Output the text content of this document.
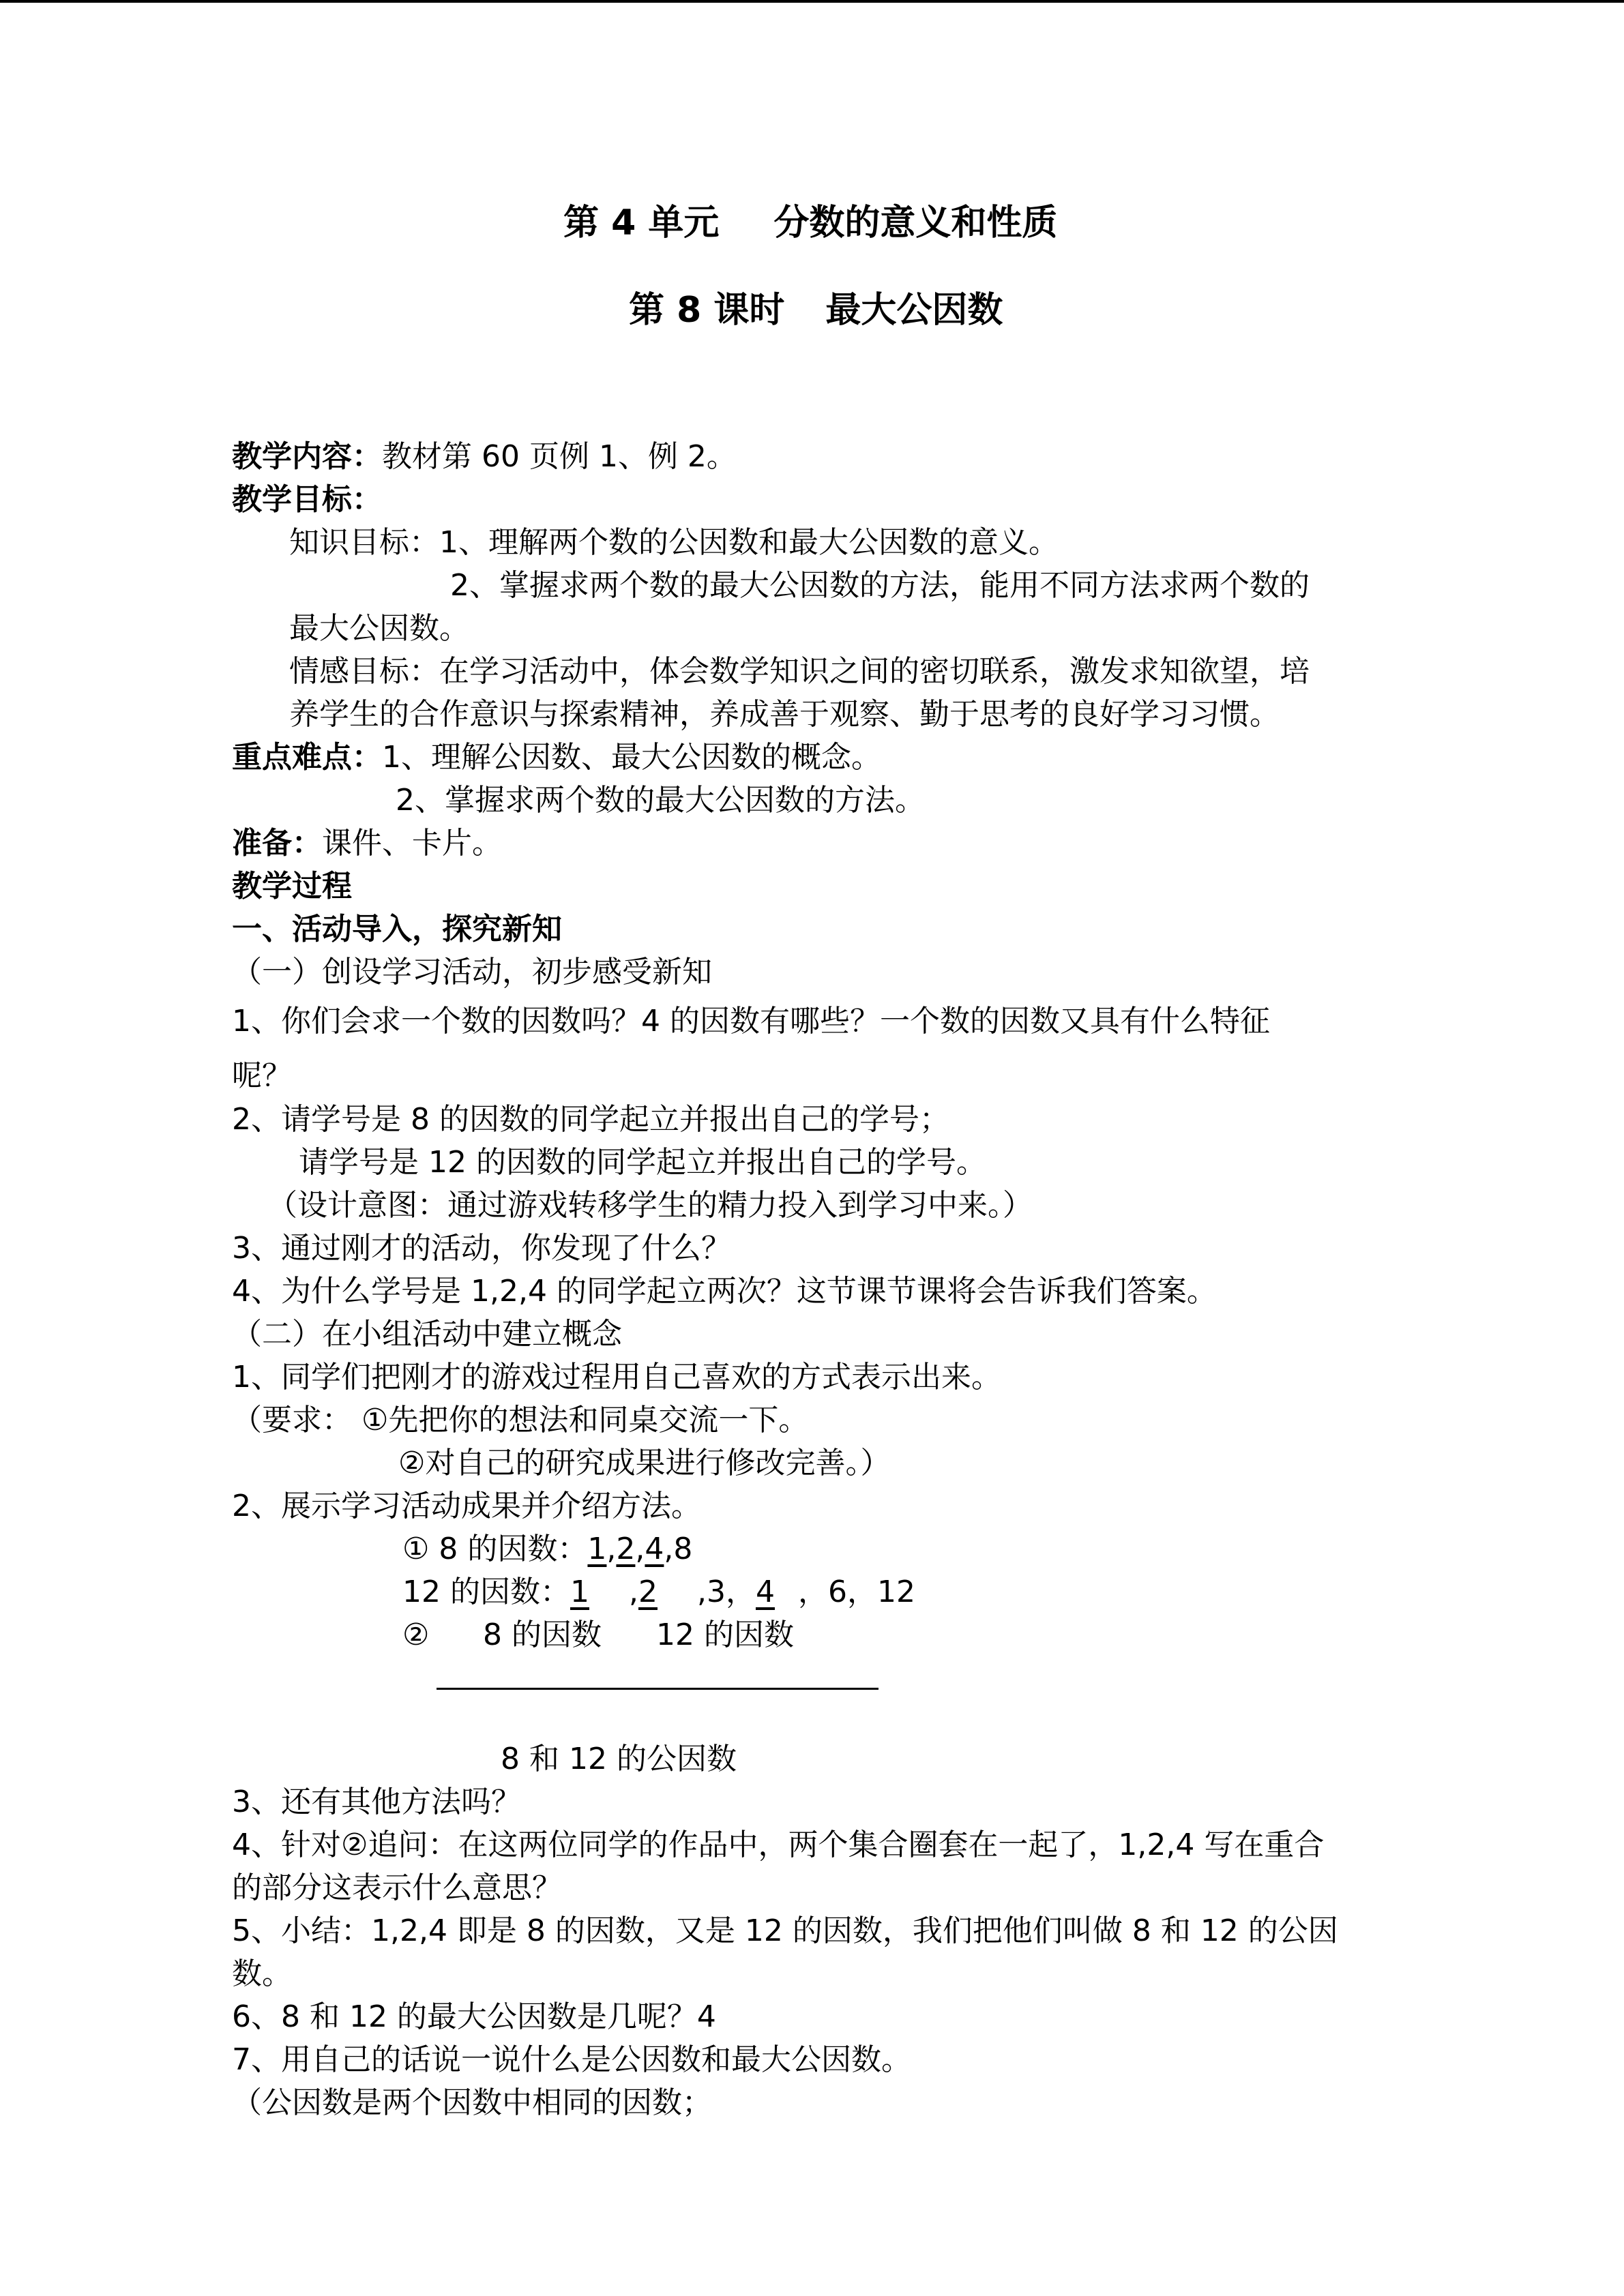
第 4 单元 分数的意义和性质
第 8 课时 最大公因数
教学内容：教材第 60 页例 1、例 2。
教学目标：
知识目标：1、理解两个数的公因数和最大公因数的意义。
2、掌握求两个数的最大公因数的方法，能用不同方法求两个数的
最大公因数。
情感目标：在学习活动中，体会数学知识之间的密切联系，激发求知欲望，培
养学生的合作意识与探索精神，养成善于观察、勤于思考的良好学习习惯。
重点难点：1、理解公因数、最大公因数的概念。
2、掌握求两个数的最大公因数的方法。
准备：课件、卡片。
教学过程
一、活动导入，探究新知
（一）创设学习活动，初步感受新知
1、你们会求一个数的因数吗？4 的因数有哪些？一个数的因数又具有什么特征
呢？
2、请学号是 8 的因数的同学起立并报出自己的学号；
请学号是 12 的因数的同学起立并报出自己的学号。
（设计意图：通过游戏转移学生的精力投入到学习中来。）
3、通过刚才的活动，你发现了什么？
4、为什么学号是 1,2,4 的同学起立两次？这节课节课将会告诉我们答案。
（二）在小组活动中建立概念
1、同学们把刚才的游戏过程用自己喜欢的方式表示出来。
（要求： ①先把你的想法和同桌交流一下。
②对自己的研究成果进行修改完善。）
2、展示学习活动成果并介绍方法。
① 8 的因数：1,2,4,8
12 的因数：1 ,2 ,3，4 ，6，12
② 8 的因数 12 的因数
8 和 12 的公因数
3、还有其他方法吗？
4、针对②追问：在这两位同学的作品中，两个集合圈套在一起了，1,2,4 写在重合
的部分这表示什么意思？
5、小结：1,2,4 即是 8 的因数，又是 12 的因数，我们把他们叫做 8 和 12 的公因
数。
6、8 和 12 的最大公因数是几呢？4
7、用自己的话说一说什么是公因数和最大公因数。
（公因数是两个因数中相同的因数；
